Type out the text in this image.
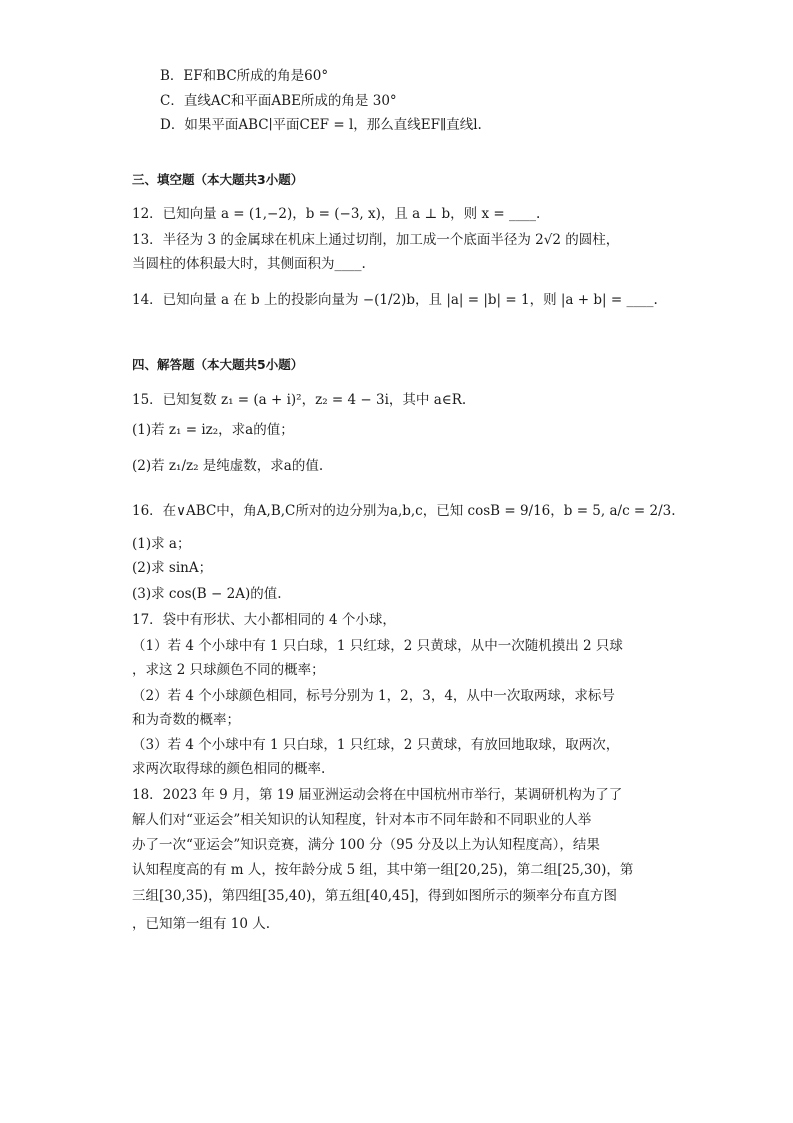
B．EF和BC所成的角是60°
C．直线AC和平面ABE所成的角是 30°
D．如果平面ABC∣平面CEF = l，那么直线EF∥直线l.
三、填空题（本大题共3小题）
12．已知向量 a = (1,−2)，b = (−3, x)，且 a ⊥ b，则 x = ____.
13．半径为 3 的金属球在机床上通过切削，加工成一个底面半径为 2√2 的圆柱，
当圆柱的体积最大时，其侧面积为____.
14．已知向量 a 在 b 上的投影向量为 −(1/2)b，且 |a| = |b| = 1，则 |a + b| = ____.
四、解答题（本大题共5小题）
15．已知复数 z₁ = (a + i)²，z₂ = 4 − 3i，其中 a∈R.
(1)若 z₁ = iz₂，求a的值；
(2)若 z₁/z₂ 是纯虚数，求a的值.
16．在∨ABC中，角A,B,C所对的边分别为a,b,c，已知 cosB = 9/16，b = 5, a/c = 2/3.
(1)求 a；
(2)求 sinA；
(3)求 cos(B − 2A)的值.
17．袋中有形状、大小都相同的 4 个小球，
（1）若 4 个小球中有 1 只白球，1 只红球，2 只黄球，从中一次随机摸出 2 只球
，求这 2 只球颜色不同的概率；
（2）若 4 个小球颜色相同，标号分别为 1，2，3，4，从中一次取两球，求标号
和为奇数的概率；
（3）若 4 个小球中有 1 只白球，1 只红球，2 只黄球，有放回地取球，取两次，
求两次取得球的颜色相同的概率.
18．2023 年 9 月，第 19 届亚洲运动会将在中国杭州市举行，某调研机构为了了
解人们对“亚运会”相关知识的认知程度，针对本市不同年龄和不同职业的人举
办了一次“亚运会”知识竞赛，满分 100 分（95 分及以上为认知程度高），结果
认知程度高的有 m 人，按年龄分成 5 组，其中第一组[20,25)，第二组[25,30)，第
三组[30,35)，第四组[35,40)，第五组[40,45]，得到如图所示的频率分布直方图
，已知第一组有 10 人.
